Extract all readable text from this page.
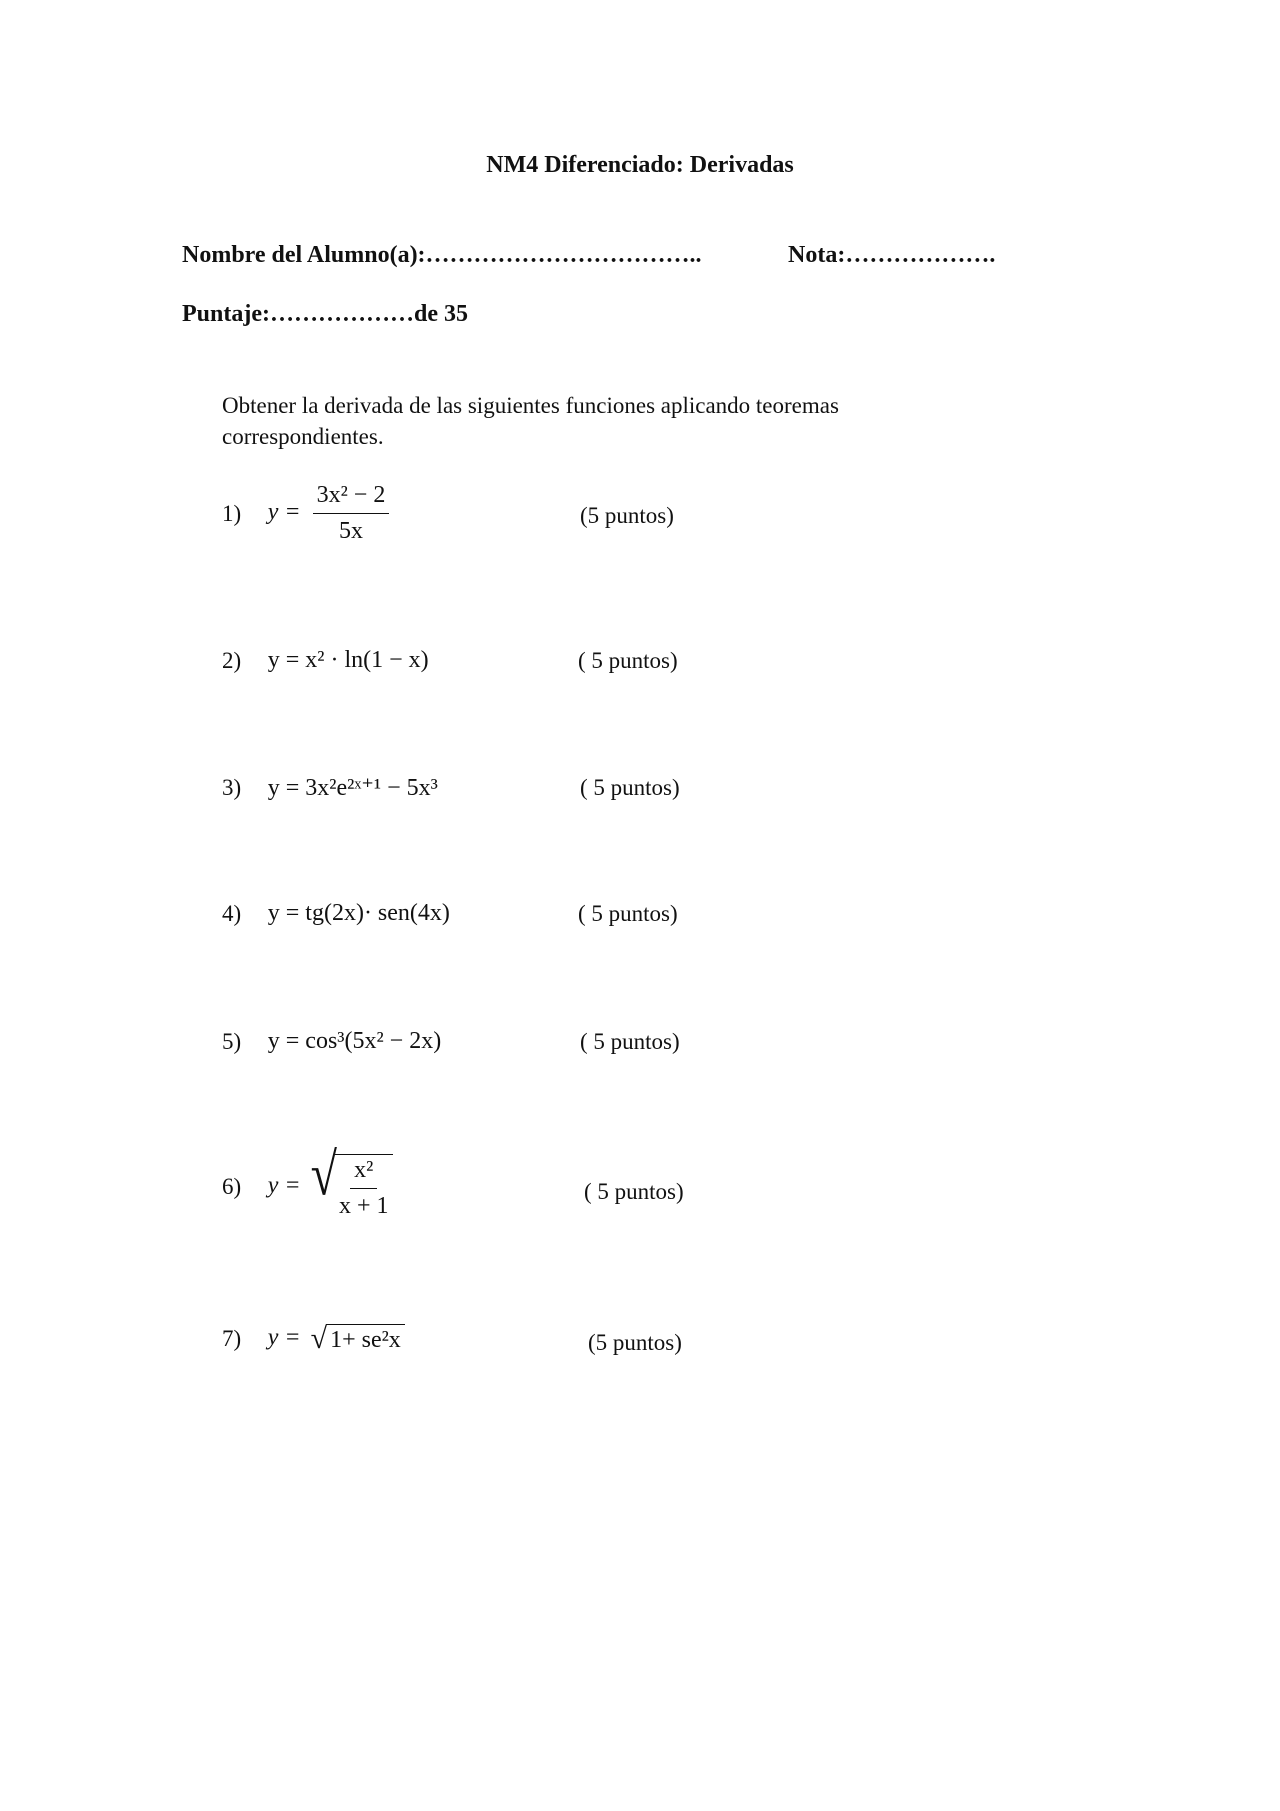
NM4 Diferenciado: Derivadas
Nombre del Alumno(a):……………………………..	Nota:……………….
Puntaje:………………de 35
Obtener la derivada de las siguientes funciones aplicando teoremas correspondientes.
1) $y = \frac{\text{3x² − 2}}{5x}$	(5 puntos)
2) y = x² · ln(1 − x)	( 5 puntos)
3) y = 3x²e²ˣ⁺¹ − 5x³	( 5 puntos)
4) y = tg(2x)· sen(4x)	( 5 puntos)
5) y = cos³(5x² − 2x)	( 5 puntos)
6) y = √ $\frac{\text{x²}}{x + 1}$	( 5 puntos)
7) y = √ 1+ se²x	(5 puntos)
